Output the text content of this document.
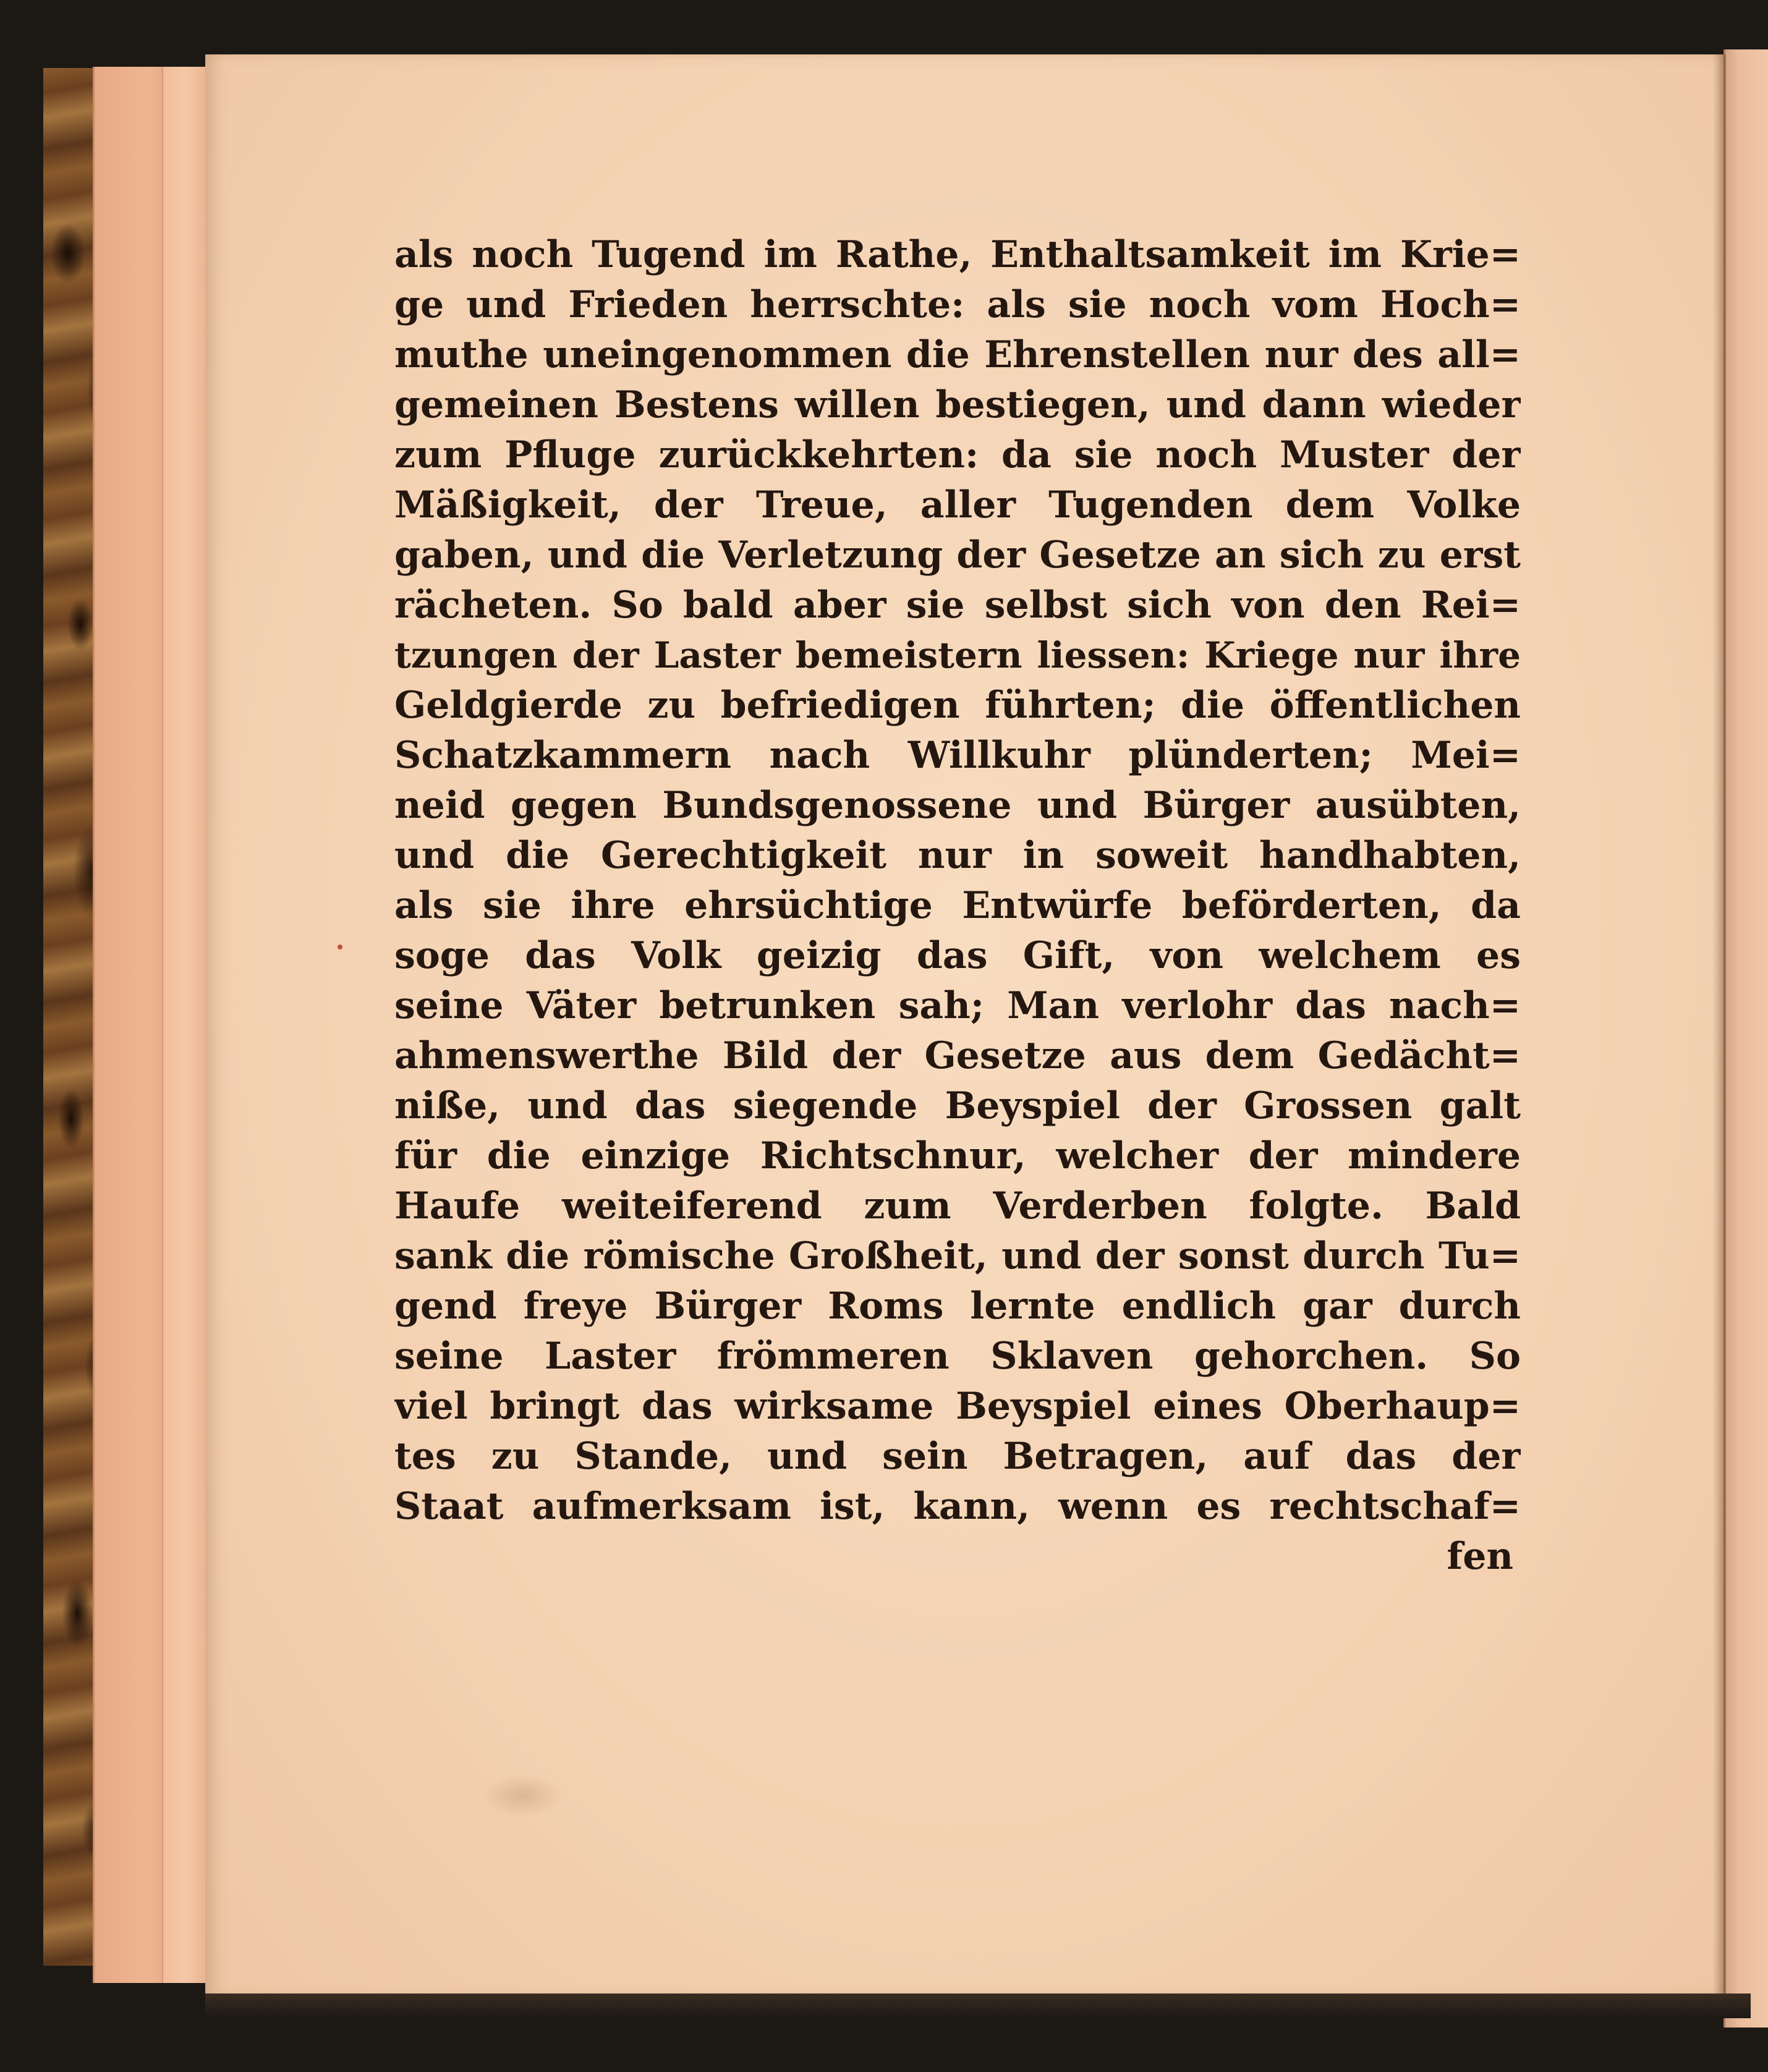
als noch Tugend im Rathe, Enthaltsamkeit im Krie=
ge und Frieden herrschte: als sie noch vom Hoch=
muthe uneingenommen die Ehrenstellen nur des all=
gemeinen Bestens willen bestiegen, und dann wieder
zum Pfluge zurückkehrten: da sie noch Muster der
Mäßigkeit, der Treue, aller Tugenden dem Volke
gaben, und die Verletzung der Gesetze an sich zu erst
rächeten. So bald aber sie selbst sich von den Rei=
tzungen der Laster bemeistern liessen: Kriege nur ihre
Geldgierde zu befriedigen führten; die öffentlichen
Schatzkammern nach Willkuhr plünderten; Mei=
neid gegen Bundsgenossene und Bürger ausübten,
und die Gerechtigkeit nur in soweit handhabten,
als sie ihre ehrsüchtige Entwürfe beförderten, da
soge das Volk geizig das Gift, von welchem es
seine Väter betrunken sah; Man verlohr das nach=
ahmenswerthe Bild der Gesetze aus dem Gedächt=
niße, und das siegende Beyspiel der Grossen galt
für die einzige Richtschnur, welcher der mindere
Haufe weiteiferend zum Verderben folgte. Bald
sank die römische Großheit, und der sonst durch Tu=
gend freye Bürger Roms lernte endlich gar durch
seine Laster frömmeren Sklaven gehorchen. So
viel bringt das wirksame Beyspiel eines Oberhaup=
tes zu Stande, und sein Betragen, auf das der
Staat aufmerksam ist, kann, wenn es rechtschaf=
fen
